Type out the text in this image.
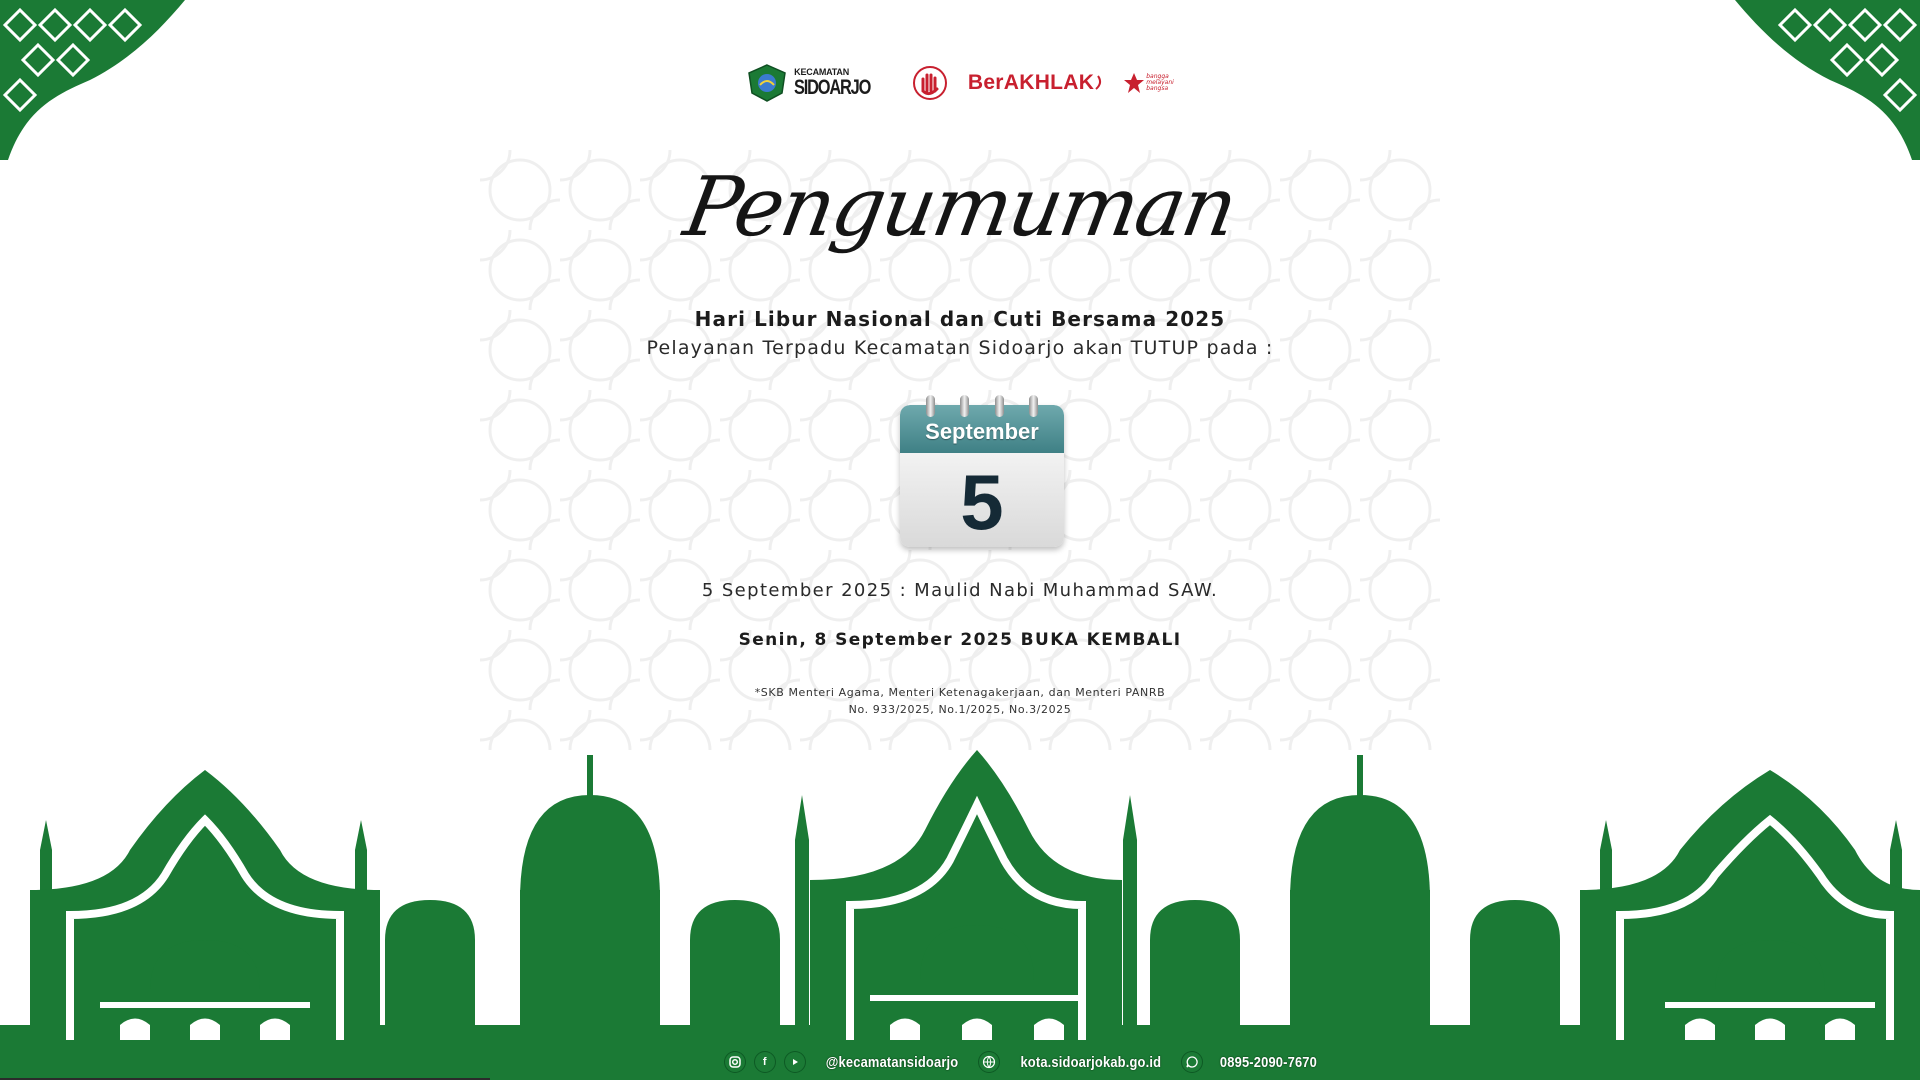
KECAMATAN
SIDOARJO	BerAKHLAK	bangga
melayani
bangsa
Pengumuman
Hari Libur Nasional dan Cuti Bersama 2025
Pelayanan Terpadu Kecamatan Sidoarjo akan TUTUP pada :
September
5
5 September 2025 : Maulid Nabi Muhammad SAW.
Senin, 8 September 2025 BUKA KEMBALI
*SKB Menteri Agama, Menteri Ketenagakerjaan, dan Menteri PANRB
No. 933/2025, No.1/2025, No.3/2025
f	@kecamatansidoarjo	kota.sidoarjokab.go.id	0895-2090-7670
